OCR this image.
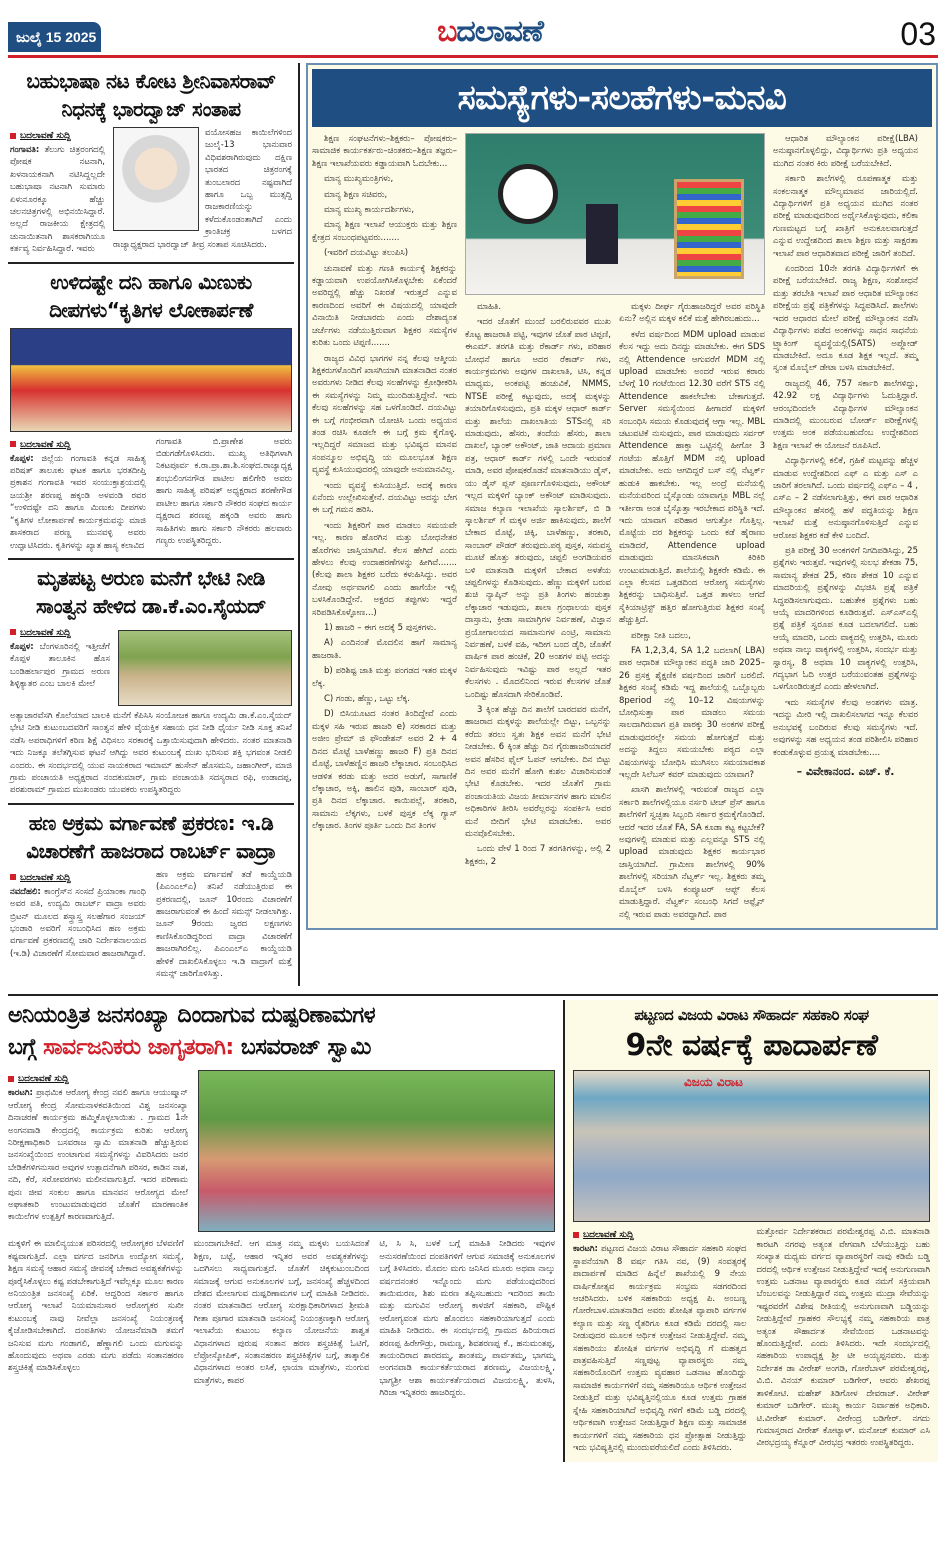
ಜುಲೈ 15 2025	ಬದಲಾವಣೆ	03
ಬಹುಭಾಷಾ ನಟ ಕೋಟ ಶ್ರೀನಿವಾಸರಾವ್
ನಿಧನಕ್ಕೆ ಭಾರದ್ವಾಜ್ ಸಂತಾಪ
ಬದಲಾವಣೆ ಸುದ್ದಿ
ಗಂಗಾವತಿ: ತೆಲುಗು ಚಿತ್ರರಂಗದಲ್ಲಿ ಪೋಷಕ ನಟನಾಗಿ, ಖಳನಾಯಕನಾಗಿ ನಟಿಸಿದ್ದಲ್ಲದೇ ಬಹುಭಾಷಾ ನಟನಾಗಿ ಸುಮಾರು ಏಳುನೂರಕ್ಕೂ ಹೆಚ್ಚು ಚಲನಚಿತ್ರಗಳಲ್ಲಿ ಅಭಿನಯಿಸಿದ್ದಾರೆ. ಅಲ್ಲದೆ ರಾಜಕೀಯ ಕ್ಷೇತ್ರದಲ್ಲಿ ಚುನಾಯಿತನಾಗಿ ಶಾಸಕರಾಗಿಯೂ ಕರ್ತವ್ಯ ನಿರ್ವಹಿಸಿದ್ದಾರೆ. ಇವರು
ವಯೋಸಹಜ ಕಾಯಿಲೆಗಳಿಂದ ಜುಲೈ-13 ಭಾನುವಾರ ವಿಧಿವಶರಾಗಿರುವುದು ದಕ್ಷಿಣ ಭಾರತದ ಚಿತ್ರರಂಗಕ್ಕೆ ತುಂಬಲಾರದ ನಷ್ಟವಾಗಿದೆ ಹಾಗೂ ಒಬ್ಬ ಮುತ್ಸದ್ದಿ ರಾಜಕಾರಣಿಯನ್ನು ಕಳೆದುಕೊಂಡಂತಾಗಿದೆ ಎಂದು ಕ್ರಾಂತಿಚಕ್ರ ಬಳಗದ ರಾಜ್ಯಾಧ್ಯಕ್ಷರಾದ ಭಾರದ್ವಾಜ್ ತೀವ್ರ ಸಂತಾಪ ಸೂಚಿಸಿದರು.
ಉಳಿದಷ್ಟೇ ದನಿ ಹಾಗೂ ಮಿಣುಕು
ದೀಪಗಳು“ಕೃತಿಗಳ ಲೋಕಾರ್ಪಣೆ
ಬದಲಾವಣೆ ಸುದ್ದಿ
ಕೊಪ್ಪಳ: ಜಿಲ್ಲೆಯ ಗಂಗಾವತಿ ಕನ್ನಡ ಸಾಹಿತ್ಯ ಪರಿಷತ್ ತಾಲೂಕು ಘಟಕ ಹಾಗೂ ಭರತದೀಪ್ತಿ ಪ್ರಕಾಶನ ಗಂಗಾವತಿ ಇವರ ಸಂಯುಕ್ತಾಶ್ರಯದಲ್ಲಿ ಜಯಶ್ರೀ ಶರಣಪ್ಪ ಹಕ್ಕಂಡಿ ಅಳವಂಡಿ ರವರ “ಉಳಿದಷ್ಟೇ ದನಿ ಹಾಗೂ ಮಿಣುಕು ದೀಪಗಳು “ಕೃತಿಗಳ ಲೋಕಾರ್ಪಣೆ ಕಾರ್ಯಕ್ರಮವನ್ನು ಮಾಜಿ ಶಾಸಕರಾದ ಪರಣ್ಣ ಮುನವಳ್ಳಿ ಅವರು ಉದ್ಘಾಟಿಸಿದರು. ಕೃತಿಗಳನ್ನು ಖ್ಯಾತ ಹಾಸ್ಯ ಕಲಾವಿದ
ಗಂಗಾವತಿ ಬಿ.ಪ್ರಾಣೇಶ ಅವರು ಬಿಡುಗಡೆಗೊಳಿಸಿದರು. ಮುಖ್ಯ ಅತಿಥಿಗಳಾಗಿ ನಿಕಟಪೂರ್ವ ಕ.ರಾ.ಪ್ರಾ.ಶಾ.ಶಿ.ಸಂಘದ.ರಾಜ್ಯಾಧ್ಯಕ್ಷ ಶಂಭುಲಿಂಗನಗೌಡ ಪಾಟೀಲ ಹಲಿಗೇರಿ ಅವರು ಹಾಗು ಸಾಹಿತ್ಯ ಪರಿಷತ್ ಅಧ್ಯಕ್ಷರಾದ ಶರಣೇಗೌಡ ಪಾಟೀಲ ಹಾಗೂ ಸರ್ಕಾರಿ ನೌಕರರ ಸಂಘದ ಕಾರ್ಯ ದ್ಯಕ್ಷರಾದ ಶರಣಪ್ಪ ಹಕ್ಕಂಡಿ ಅವರು ಹಾಗು ಸಾಹಿತಿಗಳು ಹಾಗು ಸರ್ಕಾರಿ ನೌಕರರು ಹಲವಾರು ಗಣ್ಯರು ಉಪಸ್ಥಿತರಿದ್ದರು.
ಮೃತಪಟ್ಟ ಅರುಣ ಮನೆಗೆ ಭೇಟಿ ನೀಡಿ
ಸಾಂತ್ವನ ಹೇಳಿದ ಡಾ.ಕೆ.ಎಂ.ಸೈಯದ್
ಬದಲಾವಣೆ ಸುದ್ದಿ
ಕೊಪ್ಪಳ: ಬೆಂಗಳೂರಿನಲ್ಲಿ ಇತ್ತೀಚೆಗೆ ಕೊಪ್ಪಳ ತಾಲೂಕಿನ ಹೊಸ ಬಂಡಿಹರ್ಲಾಪುರ ಗ್ರಾಮದ ಅರುಣ ಶಿಳ್ಳಿಕ್ಯಾತರ ಎಂಬ ಬಾಲಕಿ ಮೇಲೆ
ಅತ್ಯಾಚಾರವೆಸಗಿ ಕೊಲೆಯಾದ ಬಾಲಕಿ ಮನೆಗೆ ಕೆಪಿಸಿಸಿ ಸಂಯೋಜಕ ಹಾಗೂ ಉದ್ಯಮಿ ಡಾ.ಕೆ.ಎಂ.ಸೈಯದ್ ಭೇಟಿ ನೀಡಿ ಕುಟುಂಬದವರಿಗೆ ಸಾಂತ್ವನ ಹೇಳಿ ವೈಯಕ್ತಿಕ ಸಹಾಯ ಧನ ನೀಡಿ ಧೈರ್ಯ ನೀಡಿ ಸೂಕ್ತ ತನಿಖೆ ನಡೆಸಿ ಅಪರಾಧಿಗಳಿಗೆ ಕಠಿಣ ಶಿಕ್ಷೆ ವಿಧಿಸಲು ಸರಕಾರಕ್ಕೆ ಒತ್ತಾಯಿಸುವುದಾಗಿ ಹೇಳಿದರು. ನಂತರ ಮಾತನಾಡಿ ಇದು ನಿಜಕ್ಕೂ ತಲೆತಗ್ಗಿಸುವ ಘಟನೆ ಆಗಿದ್ದು ಅವರ ಕುಟುಂಬಕ್ಕೆ ದುಃಖ ಭರಿಸುವ ಶಕ್ತಿ ಭಗವಂತ ನೀಡಲಿ ಎಂದರು. ಈ ಸಂದರ್ಭದಲ್ಲಿ ಯುವ ನಾಯಕರಾದ ಇಮಾಮ್ ಹುಸೇನ್ ಹೊಸಮನಿ, ಜಹಾಂಗೀರ್, ಮಾಜಿ ಗ್ರಾಮ ಪಂಚಾಯತಿ ಅಧ್ಯಕ್ಷರಾದ ನಂದಕುಮಾರ್, ಗ್ರಾಮ ಪಂಚಾಯತಿ ಸದಸ್ಯರಾದ ರಫಿ, ಉಡಾದಪ್ಪ, ಪರಶುರಾಮ್ ಗ್ರಾಮದ ಮುಖಂಡರು ಯುವಕರು ಉಪಸ್ಥಿತರಿದ್ದರು
ಹಣ ಅಕ್ರಮ ವರ್ಗಾವಣೆ ಪ್ರಕರಣ: ಇ.ಡಿ
ವಿಚಾರಣೆಗೆ ಹಾಜರಾದ ರಾಬರ್ಟ್ ವಾದ್ರಾ
ಬದಲಾವಣೆ ಸುದ್ದಿ
ನವದೆಹಲಿ: ಕಾಂಗ್ರೆಸ್‌ನ ಸಂಸದೆ ಪ್ರಿಯಾಂಕಾ ಗಾಂಧಿ ಅವರ ಪತಿ, ಉದ್ಯಮಿ ರಾಬರ್ಟ್ ವಾದ್ರಾ ಅವರು ಬ್ರಿಟನ್ ಮೂಲದ ಶಸ್ತ್ರಾಸ್ತ್ರ ಸಲಹೆಗಾರ ಸಂಜಯ್ ಭಂಡಾರಿ ಅವರಿಗೆ ಸಂಬಂಧಿಸಿದ ಹಣ ಅಕ್ರಮ ವರ್ಗಾವಣೆ ಪ್ರಕರಣದಲ್ಲಿ ಜಾರಿ ನಿರ್ದೇಶನಾಲಯದ (ಇ.ಡಿ) ವಿಚಾರಣೆಗೆ ಸೋಮವಾರ ಹಾಜರಾಗಿದ್ದಾರೆ.
ಹಣ ಅಕ್ರಮ ವರ್ಗಾವಣೆ ತಡೆ ಕಾಯ್ದೆಯಡಿ (ಪಿಎಂಎಲ್‌ಎ) ತನಿಖೆ ನಡೆಯುತ್ತಿರುವ ಈ ಪ್ರಕರಣದಲ್ಲಿ, ಜೂನ್ 10ರಂದು ವಿಚಾರಣೆಗೆ ಹಾಜರಾಗುವಂತೆ ಈ ಹಿಂದೆ ಸಮನ್ಸ್ ನೀಡಲಾಗಿತ್ತು. ಜೂನ್ 9ರಂದು ಜ್ವರದ ಲಕ್ಷಣಗಳು ಕಾಣಿಸಿಕೊಂಡಿದ್ದರಿಂದ ವಾದ್ರಾ ವಿಚಾರಣೆಗೆ ಹಾಜರಾಗಿರಲಿಲ್ಲ. ಪಿಎಂಎಲ್‌ಎ ಕಾಯ್ದೆಯಡಿ ಹೇಳಿಕೆ ದಾಖಲಿಸಿಕೊಳ್ಳಲು ಇ.ಡಿ ವಾದ್ರಾಗೆ ಮತ್ತೆ ಸಮನ್ಸ್ ಜಾರಿಗೊಳಿಸಿತ್ತು.
ಸಮಸ್ಯೆಗಳು-ಸಲಹೆಗಳು-ಮನವಿ

ಶಿಕ್ಷಣ ಸಂಘಟನೆಗಳು–ಶಿಕ್ಷಕರು– ಪೋಷಕರು–ಸಾಮಾಜಿಕ ಕಾರ್ಯಕರ್ತರು–ಚಿಂತಕರು–ಶಿಕ್ಷಣ ತಜ್ಞರು–ಶಿಕ್ಷಣ ಇಲಾಖೆಯವರು ಕಡ್ಡಾಯವಾಗಿ ಓದಬೇಕು...

ಮಾನ್ಯ ಮುಖ್ಯಮಂತ್ರಿಗಳು,

ಮಾನ್ಯ ಶಿಕ್ಷಣ ಸಚಿವರು,

ಮಾನ್ಯ ಮುಖ್ಯ ಕಾರ್ಯದರ್ಶಿಗಳು,

ಮಾನ್ಯ ಶಿಕ್ಷಣ ಇಲಾಖೆ ಆಯುಕ್ತರು ಮತ್ತು ಶಿಕ್ಷಣ ಕ್ಷೇತ್ರದ ಸಂಬಂಧಪಟ್ಟವರು.......

(ಇವರಿಗೆ ದಯವಿಟ್ಟು ತಲುಪಿಸಿ)

ಚುನಾವಣೆ ಮತ್ತು ಗಣತಿ ಕಾರ್ಯಕ್ಕೆ ಶಿಕ್ಷಕರನ್ನು ಕಡ್ಡಾಯವಾಗಿ ಉಪಯೋಗಿಸಿಕೊಳ್ಳಬೇಕು ಏಕೆಂದರೆ ಅವರಿದ್ದಲ್ಲಿ ಹೆಚ್ಚು ನಿಖರತೆ ಇರುತ್ತದೆ ಎನ್ನುವ ಕಾರಣದಿಂದ ಅವರಿಗೆ ಈ ವಿಷಯದಲ್ಲಿ ಯಾವುದೇ ವಿನಾಯಿತಿ ನೀಡಬಾರದು ಎಂದು ದೇಶಾದ್ಯಂತ ಚರ್ಚೆಗಳು ನಡೆಯುತ್ತಿರುವಾಗ ಶಿಕ್ಷಕರ ಸಮಸ್ಯೆಗಳ ಕುರಿತು ಒಂದು ಟಿಪ್ಪಣಿ.......

ರಾಜ್ಯದ ವಿವಿಧ ಭಾಗಗಳ ನನ್ನ ಕೆಲವು ಆತ್ಮೀಯ ಶಿಕ್ಷಕರುಗಳೊಂದಿಗೆ ಖಾಸಗಿಯಾಗಿ ಮಾತನಾಡಿದ ನಂತರ ಅವರುಗಳು ನೀಡಿದ ಕೆಲವು ಸಲಹೆಗಳನ್ನು ಕ್ರೋಢೀಕರಿಸಿ ಈ ಸಮಸ್ಯೆಗಳನ್ನು ನಿಮ್ಮ ಮುಂದಿಡುತ್ತಿದ್ದೇನೆ. ಇದು ಕೆಲವು ಸಲಹೆಗಳನ್ನು ಸಹ ಒಳಗೊಂಡಿದೆ. ದಯವಿಟ್ಟು ಈ ಬಗ್ಗೆ ಗಂಭೀರವಾಗಿ ಯೋಚಿಸಿ ಒಂದು ಅಧ್ಯಯನ ತಂಡ ರಚಿಸಿ ಕೂಡಲೇ ಈ ಬಗ್ಗೆ ಕ್ರಮ ಕೈಗೊಳ್ಳಿ. ಇಲ್ಲದಿದ್ದರೆ ಸಮಾಜದ ಮತ್ತು ಭವಿಷ್ಯದ ಮಾನವ ಸಂಪನ್ಮೂಲ ಅಭಿವೃದ್ಧಿ ಯ ಮೂಲಭೂತ ಶಿಕ್ಷಣ ವ್ಯವಸ್ಥೆ ಕುಸಿಯುವುದರಲ್ಲಿ ಯಾವುದೇ ಅನುಮಾನವಿಲ್ಲ.

ಇಂದು ವ್ಯವಸ್ಥೆ ಕುಸಿಯುತ್ತಿದೆ. ಅದಕ್ಕೆ ಕಾರಣ ಏನೆಂದು ಉಲ್ಲೇಖಿಸುತ್ತೇನೆ. ದಯವಿಟ್ಟು ಅದನ್ನು ಬೇಗ ಈ ಬಗ್ಗೆ ಗಮನ ಹರಿಸಿ.

ಇಂದು ಶಿಕ್ಷಕರಿಗೆ ಪಾಠ ಮಾಡಲು ಸಮಯವೇ ಇಲ್ಲ. ಕಾರಣ ಹೊರಗಿನ ಮತ್ತು ಬೋಧನೇತರ ಹೊರೆಗಳು ಜಾಸ್ತಿಯಾಗಿವೆ. ಕೆಲಸ ಹೇಗಿದೆ ಎಂದು ಹೇಳಲು ಕೆಲವು ಉದಾಹರಣೆಗಳನ್ನು ಹೀಗಿವೆ....... (ಕೆಲವು ಶಾಲಾ ಶಿಕ್ಷಕರ ಬರೆದು ಕಳುಹಿಸಿದ್ದು. ಅವರ ನೋವು ಅರ್ಥವಾಗಲಿ ಎಂದು ಹಾಗೆಯೇ ಇಲ್ಲಿ ಬಳಸಿಕೊಂಡಿದ್ದೇನೆ. ಅಕ್ಷರದ ತಪ್ಪುಗಳು ಇದ್ದರೆ ಸರಿಪಡಿಸಿಕೊಳ್ಳೋಣ...)

1) ಹಾಜರಿ – ಈಗ ಅದಕ್ಕೆ 5 ಪುಸ್ತಕಗಳು.

A) ಎಂದಿನಂತೆ ಮೊದಲಿನ ಹಾಗೆ ಸಾಮಾನ್ಯ ಹಾಜರಾತಿ.

b) ಪರಿಶಿಷ್ಟ ಜಾತಿ ಮತ್ತು ಪಂಗಡದ ಇತರ ಮಕ್ಕಳ ಲೆಕ್ಕ.

C) ಗಂಡು, ಹೆಣ್ಣು, ಒಟ್ಟು ಲೆಕ್ಕ.

D) ಬಿಸಿಯೂಟದ ನಂತರ ತಿಂದಿದ್ದೇವೆ ಎಂದು ಮಕ್ಕಳ ಸಹಿ ಇರುವ ಹಾಜರಿ e) ಸರಕಾರದ ಮತ್ತು ಅಜೀಂ ಪ್ರೇಮ್ ಜಿ ಫೌಂಡೇಶನ್ ಅವರ 2 + 4 ದಿನದ ಮೊಟ್ಟೆ ಬಾಳೆಹಣ್ಣು ಹಾಜರಿ F) ಪ್ರತಿ ದಿನದ ಮೊಟ್ಟೆ, ಬಾಳೆಹಣ್ಣಿನ ಹಾಜರಿ ಲೆಕ್ಕಾಚಾರ. ಸಂಬಂಧಿಸಿದ ಆಡಳಿತ ಕರಡು ಮತ್ತು ಅದರ ಅಡುಗೆ, ಸಾಗಾಣಿಕೆ ಲೆಕ್ಕಾಚಾರ, ಅಕ್ಕಿ, ಹಾಲಿನ ಪುಡಿ, ಸಾಂಬಾರ್ ಪುಡಿ, ಪ್ರತಿ ದಿನದ ಲೆಕ್ಕಾಚಾರ. ಕಾಯಿಪಲ್ಲೆ, ತರಕಾರಿ, ಸಾಮಾನು ಲೆಕ್ಕಗಳು, ಬಳಕೆ ಪುಸ್ತಕ ಲೆಕ್ಕ ಗ್ಯಾಸ್ ಲೆಕ್ಕಾಚಾರ. ತಿಂಗಳ ಪೂರ್ತಿ ಒಂದು ದಿನ ತಿಂಗಳ

ಮಾಹಿತಿ.

ಇದರ ಜೊತೆಗೆ ಮುಂದೆ ಬರಲಿರುವವರ ಮುಖ ಕೊಟ್ಟ ಹಾಜರಾತಿ ಪಟ್ಟಿ, ಇವುಗಳ ಜೊತೆ ಪಾಠ ಟಿಪ್ಪಣಿ, ಈಎಮ್. ತರಗತಿ ಮತ್ತು ರೆಕಾರ್ಡ್ ಗಳು, ಪರಿಹಾರ ಬೋಧನೆ ಹಾಗೂ ಅದರ ರೆಕಾರ್ಡ್ ಗಳು, ಕಾರ್ಯಕ್ರಮಗಳು ಅವುಗಳ ದಾಖಲಾತಿ, ಟಿಸಿ, ಕನ್ನಡ ಮಾಧ್ಯಮ, ಅಂಕಪಟ್ಟಿ ಹಂಚುವಿಕೆ, NMMS, NTSE ಪರೀಕ್ಷೆ ಕಟ್ಟುವುದು, ಅದಕ್ಕೆ ಮಕ್ಕಳನ್ನು ತಯಾರಿಗೊಳಿಸುವುದು, ಪ್ರತಿ ಮಕ್ಕಳ ಆಧಾರ್ ಕಾರ್ಡ್ ಮತ್ತು ಶಾಲೆಯ ದಾಖಲಾತಿಯ STSನಲ್ಲಿ ಸರಿ ಮಾಡುವುದು, ಹೆಸರು, ತಂದೆಯ ಹೆಸರು, ಶಾಲಾ ದಾಖಲೆ, ಬ್ಯಾಂಕ್ ಅಕೌಂಟ್, ಜಾತಿ ಆದಾಯ ಪ್ರಮಾಣ ಪತ್ರ, ಆಧಾರ್ ಕಾರ್ಡ್ ಗಳಲ್ಲಿ ಒಂದೇ ಇರುವಂತೆ ಮಾಡಿ, ಅವರ ಪೋಷಕರೊಡನೆ ಮಾತನಾಡಿಯು ಡೈಸ್, ಯು ಡೈಸ್ ಪ್ಲಸ್ ಪೂರ್ಣಗೊಳಿಸುವುದು, ಅಕೌಂಟ್ ಇಲ್ಲದ ಮಕ್ಕಳಿಗೆ ಬ್ಯಾಂಕ್ ಅಕೌಂಟ್ ಮಾಡಿಸುವುದು. ಸಮಾಜ ಕಲ್ಯಾಣ ಇಲಾಖೆಯ ಸ್ಕಾಲರ್ಶಿಪ್, ಬಿ ಡಿ ಸ್ಕಾಲರ್ಶಿಪ್ ಗೆ ಮಕ್ಕಳ ಅರ್ಜಿ ಹಾಕಿಸುವುದು, ಶಾಲೆಗೆ ಬೇಕಾದ ಮೊಟ್ಟೆ, ಚಿಕ್ಕಿ, ಬಾಳೆಹಣ್ಣು, ತರಕಾರಿ, ಸಾಂಬಾರ್ ಪೌಡರ್ ತರುವುದು.ಪಠ್ಯ ಪುಸ್ತಕ, ಸಮವಸ್ತ್ರ ಮೂಟೆ ಹೊತ್ತು ತರುವುದು, ಚಪ್ಪಲಿ ಅಂಗಡಿಯವರ ಬಳಿ ಮಾತನಾಡಿ ಮಕ್ಕಳಿಗೆ ಬೇಕಾದ ಅಳತೆಯ ಚಪ್ಪಲಿಗಳನ್ನು ಕೊಡಿಸುವುದು. ಹೆಣ್ಣು ಮಕ್ಕಳಿಗೆ ಬರುವ ಶುಚಿ ನ್ಯಾಪ್ಕಿನ್ ಅನ್ನು ಪ್ರತಿ ತಿಂಗಳು ಹಂಚುತ್ತಾ ಲೆಕ್ಕಾಚಾರ ಇಡುವುದು, ಶಾಲಾ ಗ್ರಂಥಾಲಯ ಪುಸ್ತಕ ದಾಸ್ತಾನು, ಕ್ರೀಡಾ ಸಾಮಾಗ್ರಿಗಳ ನಿರ್ವಹಣೆ, ವಿಜ್ಞಾನ ಪ್ರಯೋಗಾಲಯದ ಸಾಮಾನುಗಳ ಎಂಟ್ರಿ, ಸಾಮಾನು ನಿರ್ವಹಣೆ, ಬಳಕೆ ವಹಿ, ಇದೀಗ ಬಂದ ಡೈರಿ, ಜೊತೆಗೆ ವಾರ್ಷಿಕ ಪಾಠ ಹಂಚಿಕೆ, 20 ಅಂಶಗಳ ಪಟ್ಟಿ ಅದನ್ನು ನಿರ್ವಹಿಸುವುದು ಇವಿಷ್ಟು ಪಾಠ ಅಲ್ಲದೆ ಇತರ ಕೆಲಸಗಳು . ಮೊದಲಿನಿಂದ ಇರುವ ಕೆಲಸಗಳ ಜೊತೆ ಒಂದಿಷ್ಟು ಹೊಸದಾಗಿ ಸೇರಿಕೊಂಡಿವೆ.

3 ಕ್ಕಿಂತ ಹೆಚ್ಚು ದಿನ ಶಾಲೆಗೆ ಬಾರದವರ ಮನೆಗೆ, ಹಾಜರಾದ ಮಕ್ಕಳನ್ನು ಶಾಲೆಯಲ್ಲೇ ಬಿಟ್ಟು, ಒಬ್ಬನನ್ನು ಕರೆದು ತರಲು ಸ್ವತಃ ಶಿಕ್ಷಕ ಅವನ ಮನೆಗೆ ಭೇಟಿ ನೀಡಬೇಕು. 6 ಕ್ಕಿಂತ ಹೆಚ್ಚು ದಿನ ಗೈರುಹಾಜರಿಯಾದರೆ ಅವನ ಹೆಸರಿನ ಫೈಲ್ ಓಪನ್ ಆಗಬೇಕು. ದಿನ ಬಿಟ್ಟು ದಿನ ಅವರ ಮನೆಗೆ ಹೋಗಿ ಕುಶಲ ವಿಚಾರಿಸುವಂತೆ ಭೇಟಿ ಕೊಡಬೇಕು. ಇದರ ಜೊತೆಗೆ ಗ್ರಾಮ ಪಂಚಾಯತಿಯ ವಿಜಯ ತೀರ್ಮಾನಗಳ ಹಾಗು ಮಾಲಿನ ಅಧಿಕಾರಿಗಳ ತೀರಿಸಿ ಅವರೆಲ್ಲರನ್ನು ಸಂಪರ್ಕಿಸಿ ಅವರ ಮನೆ ಬೀದಿಗೆ ಭೇಟಿ ಮಾಡಬೇಕು. ಅವರ ಮನವೊಲಿಸಬೇಕು.

ಒಂದು ವೇಳೆ 1 ರಿಂದ 7 ತರಗತಿಗಳನ್ನು, ಅಲ್ಲಿ 2 ಶಿಕ್ಷಕರು, 2

ಮಕ್ಕಳು ದೀರ್ಘ ಗೈರುಹಾಜರಿದ್ದರೆ ಅವರ ಪರಿಸ್ಥಿತಿ ಏನು? ಅಲ್ಲಿನ ಮಕ್ಕಳ ಕಲಿಕೆ ಮತ್ತೆ ಹೇಗಿರಬಹುದು...

ಕಳೆದ ವರ್ಷದಿಂದ MDM upload ಮಾಡುವ ಕೆಲಸ ಇದ್ದು ಅದು ದಿನದ್ದು ಮಾಡಬೇಕು. ಈಗ SDS ನಲ್ಲಿ Attendence ಆಗುವರೆಗೆ MDM ನಲ್ಲಿ upload ಮಾಡಬೇಕು ಅಂದರೆ ಇರುವ ಕರಾರು ಬೆಳಗ್ಗೆ 10 ಗಂಟೆಯಿಂದ 12.30 ವರೆಗೆ STS ನಲ್ಲಿ Attendence ಹಾಕಲೇಬೇಕು ಬೇಕಾಗುತ್ತದೆ. Server ಸಮಸ್ಯೆಯಿಂದ ಹೀಗಾದರೆ ಮಕ್ಕಳಿಗೆ ಸಂಬಂಧಿಸಿ ಸಮಯ ಕೊಡುವುದಕ್ಕೆ ಆಗ್ಲಾ ಇಲ್ಲ. MBL ಚಟುವಟಿಕೆ ನುಸುವುದು, ಪಾಠ ಮಾಡುವುದು ಸರ್ವರ್ Attendence ಹಾಕ್ತಾ ಒಟ್ಟಿನಲ್ಲಿ ಹೀಗೋ 3 ಗಂಟೆಯ ಹೊತ್ತಿಗೆ MDM ನಲ್ಲಿ upload ಮಾಡಬೇಕು. ಅದು ಆಗದಿದ್ದರೆ ಬಸ್ ನಲ್ಲಿ ನೆಟ್ವರ್ಕ್ ಹುಡುಕಿ ಹಾಕಬೇಕು. ಇಲ್ಲ ಅಂದ್ರೆ ಮನೆಯಲ್ಲಿ ಮನೆಯವರಿಂದ ಬೈಸ್ಕೊಂಡು ಯಾವಾಗ್ಲೂ MBL ನಲ್ಲೆ ಇರ್ತೀರಾ ಅಂತ ಬೈಸ್ಕೊತ್ತಾ ಇರಬೇಕಾದ ಪರಿಸ್ಥಿತಿ ಇದೆ. ಇದು ಯಾವಾಗ ಪರಿಹಾರ ಆಗುತ್ತೋ ಗೊತ್ತಿಲ್ಲ. ಮೊಟ್ಟೆಯ ದರ ಶಿಕ್ಷಕರನ್ನು ಒಂದು ಕಡೆ ಹೈರಾಣು ಮಾಡಿದರೆ, Attendence upload ಮಾಡುವುದು ಮಾನಸಿಕವಾಗಿ ಕಿರಿಕಿರಿ ಉಂಟುಮಾಡುತ್ತಿದೆ. ಶಾಲೆಯಲ್ಲಿ ಶಿಕ್ಷಕರೇ ಕಡಿಮೆ. ಈ ಎಲ್ಲಾ ಕೆಲಸದ ಒತ್ತಡದಿಂದ ಆರೋಗ್ಯ ಸಮಸ್ಯೆಗಳು ಶಿಕ್ಷಕರನ್ನು ಬಾಧಿಸುತ್ತಿವೆ. ಒತ್ತಡ ತಾಳಲು ಆಗದೆ ಸೈಕಿಯಾಟ್ರಿಸ್ಟ್ ಹತ್ತಿರ ಹೋಗುತ್ತಿರುವ ಶಿಕ್ಷಕರ ಸಂಖ್ಯೆ ಹೆಚ್ಚುತ್ತಿದೆ.

ಪರೀಕ್ಷಾ ನೀತಿ ಬದಲು,

FA 1,2,3,4, SA 1,2 ಬದಲಾಗಿ( LBA) ಪಾಠ ಆಧಾರಿತ ಮೌಲ್ಯಾಂಕನ ಪದ್ಧತಿ ಜಾರಿ 2025–26 ಪ್ರಸಕ್ತ ಶೈಕ್ಷಣಿಕ ವರ್ಷದಿಂದ ಜಾರಿಗೆ ಬರಲಿದೆ. ಶಿಕ್ಷಕರ ಸಂಖ್ಯೆ ಕಡಿಮೆ ಇದ್ದ ಶಾಲೆಯಲ್ಲಿ ಒಬ್ಬೊಬ್ಬರು 8period ನಲ್ಲಿ 10–12 ವಿಷಯಗಳನ್ನು ಬೋಧಿಸುತ್ತಾ ಪಾಠ ಮಾಡಲು ಸಮಯ ಸಾಲದಾಗಿರುವಾಗ ಪ್ರತಿ ಪಾಠಕ್ಕು 30 ಅಂಕಗಳ ಪರೀಕ್ಷೆ ಮಾಡುವುದರಲ್ಲೇ ಸಮಯ ಹೋಗುತ್ತದೆ ಮತ್ತು ಅದನ್ನು ತಿದ್ದಲು ಸಮಯಬೇಕು ಪಠ್ಯದ ಎಲ್ಲಾ ವಿಷಯಗಳನ್ನು ಬೋಧಿಸಿ ಮುಗಿಸಲು ಸಮಯಾವಕಾಶ ಇಲ್ಲದೇ ಸಿಲೆಬಸ್ ಕವರ್ ಮಾಡುವುದು ಯಾವಾಗ?

ಖಾಸಗಿ ಶಾಲೆಗಳಲ್ಲಿ ಇರುವಂತೆ ರಾಜ್ಯದ ಎಲ್ಲಾ ಸರ್ಕಾರಿ ಶಾಲೆಗಳಲ್ಲಿಯೂ ನರ್ಸರಿ ಟೀಚ್ ಪ್ರೆಸ್ ಹಾಗೂ ಶಾಲೆಗಳಿಗೆ ಸ್ವಚ್ಛತಾ ಸಿಬ್ಬಂದಿ ಸರ್ಕಾರ ಕ್ರಮಕೈಗೊಂಡಿದೆ. ಆದರೆ ಇದರ ಜೊತೆ FA, SA ಕೂಡಾ ಕಟ್ಟ ಕಟ್ಟಬೇಕೆ? ಅವುಗಳಲ್ಲಿ ಮಾಡುವ ಮತ್ತು ಎಲ್ಲವನ್ನೂ STS ನಲ್ಲಿ upload ಮಾಡುವುದು ಶಿಕ್ಷಕರ ಕಾರ್ಯಭಾರ ಜಾಸ್ತಿಯಾಗಿದೆ. ಗ್ರಾಮೀಣ ಶಾಲೆಗಳಲ್ಲಿ 90% ಶಾಲೆಗಳಲ್ಲಿ ಸರಿಯಾಗಿ ನೆಟ್ವರ್ಕ್ ಇಲ್ಲ. ಶಿಕ್ಷಕರು ತಮ್ಮ ಮೊಬೈಲ್ ಬಳಸಿ ಕಂಪ್ಯೂಟರ್ ಆಪ್ಟ್ ಕೆಲಸ ಮಾಡುತ್ತಿದ್ದಾರೆ. ನೆಟ್ವರ್ಕ್ ಸಂಬಂಧಿ ಸಿಗದೆ ಆಫ್ಲೈನ್ ನಲ್ಲಿ ಇರುವ ಪಾಡು ಅವರದ್ದಾಗಿದೆ. ಪಾಠ

ಆಧಾರಿತ ಮೌಲ್ಯಾಂಕನ ಪರೀಕ್ಷೆ(LBA) ಅನುಷ್ಠಾನಗೊಳ್ಳಲಿದ್ದು, ವಿದ್ಯಾರ್ಥಿಗಳು ಪ್ರತಿ ಅಧ್ಯಯನ ಮುಗಿದ ನಂತರ ಕಿರು ಪರೀಕ್ಷೆ ಬರೆಯಬೇಕಿದೆ.

ಸರ್ಕಾರಿ ಶಾಲೆಗಳಲ್ಲಿ ರೂಪಣಾತ್ಮಕ ಮತ್ತು ಸಂಕಲನಾತ್ಮಕ ಮೌಲ್ಯಮಾಪನ ಜಾರಿಯಲ್ಲಿದೆ. ವಿದ್ಯಾರ್ಥಿಗಳಿಗೆ ಪ್ರತಿ ಅಧ್ಯಯನ ಮುಗಿದ ನಂತರ ಪರೀಕ್ಷೆ ಮಾಡುವುದರಿಂದ ಅರ್ಥೈಸಿಕೊಳ್ಳುವುದು, ಕಲಿಕಾ ಗುಣಮಟ್ಟದ ಬಗ್ಗೆ ಖಾತ್ರಿಗೆ ಅನುಕೂಲವಾಗುತ್ತದೆ ಎನ್ನುವ ಉದ್ದೇಶದಿಂದ ಶಾಲಾ ಶಿಕ್ಷಣ ಮತ್ತು ಸಾಕ್ಷರತಾ ಇಲಾಖೆ ಪಾಠ ಆಧಾರಿತವಾದ ಪರೀಕ್ಷೆ ಜಾರಿಗೆ ತಂದಿದೆ.

ಏಂದರಿಂದ 10ನೇ ತರಗತಿ ವಿದ್ಯಾರ್ಥಿಗಳಿಗೆ ಈ ಪರೀಕ್ಷೆ ಬರೆಯಬೇಕಿದೆ. ರಾಜ್ಯ ಶಿಕ್ಷಣ, ಸಂಶೋಧನೆ ಮತ್ತು ತರಬೇತಿ ಇಲಾಖೆ ಪಾಠ ಆಧಾರಿತ ಮೌಲ್ಯಾಂಕನ ಪರೀಕ್ಷೆಯ ಪ್ರಶ್ನೆ ಪತ್ರಿಕೆಗಳನ್ನು ಸಿದ್ಧಪಡಿಸಿದೆ. ಶಾಲೆಗಳು ಇದರ ಆಧಾರದ ಮೇಲೆ ಪರೀಕ್ಷೆ ಮೌಲ್ಯಾಂಕನ ನಡೆಸಿ ವಿದ್ಯಾರ್ಥಿಗಳು ಪಡೆದ ಅಂಕಗಳನ್ನು ಸಾಧನ ಸಾಧನೆಯ ಟ್ರ್ಯಾಕಿಂಗ್ ವ್ಯವಸ್ಥೆಯಲ್ಲಿ(SATS) ಅಪ್ಲೋಡ್ ಮಾಡಬೇಕಿದೆ. ಅದೂ ಕೂಡ ಶಿಕ್ಷಕ ಇಲ್ಲದೆ. ತಮ್ಮ ಸ್ವಂತ ಮೊಬೈಲ್ ಡೇಟಾ ಬಳಸಿ ಮಾಡಬೇಕಿದೆ.

ರಾಜ್ಯದಲ್ಲಿ 46, 757 ಸರ್ಕಾರಿ ಶಾಲೆಗಳಿದ್ದು, 42.92 ಲಕ್ಷ ವಿದ್ಯಾರ್ಥಿಗಳು ಓದುತ್ತಿದ್ದಾರೆ. ಆರಂಭದಿಂದಲೇ ವಿದ್ಯಾರ್ಥಿಗಳ ಮೌಲ್ಯಾಂಕನ ಮಾಡಿದಲ್ಲಿ ಮುಂಬರುವ ಬೋರ್ಡ್ ಪರೀಕ್ಷೆಗಳಲ್ಲಿ ಉತ್ತಮ ಅಂಕ ಪಡೆಯಬಹುದೆಂಬ ಉದ್ದೇಶದಿಂದ ಶಿಕ್ಷಣ ಇಲಾಖೆ ಈ ಯೋಜನೆ ರೂಪಿಸಿದೆ.

ವಿದ್ಯಾರ್ಥಿಗಳಲ್ಲಿ ಕಲಿಕೆ, ಗ್ರಹಿಕೆ ಮಟ್ಟವನ್ನು ಹೆಚ್ಚಳ ಮಾಡುವ ಉದ್ದೇಶದಿಂದ ಎಫ್ ಎ ಮತ್ತು ಎಸ್ ಎ ಜಾರಿಗೆ ತರಲಾಗಿದೆ. ಒಂದು ವರ್ಷದಲ್ಲಿ ಎಫ್‌ಎ – 4 , ಎಸ್‌ಎ – 2 ನಡೆಸಲಾಗುತ್ತಿತ್ತು, ಈಗ ಪಾಠ ಆಧಾರಿತ ಮೌಲ್ಯಾಂಕನ ಹೆಸರಲ್ಲಿ ಹಳೆ ಪದ್ಧತಿಯನ್ನು ಶಿಕ್ಷಣ ಇಲಾಖೆ ಮತ್ತೆ ಅನುಷ್ಠಾನಗೊಳಿಸುತ್ತಿದೆ ಎನ್ನುವ ಆರೋಪ ಶಿಕ್ಷಕರ ಕಡೆ ಕೇಳಿ ಬಂದಿದೆ.

ಪ್ರತಿ ಪರೀಕ್ಷೆ 30 ಅಂಕಗಳಿಗೆ ನಿಗದಿಪಡಿಸಿದ್ದು, 25 ಪ್ರಶ್ನೆಗಳು ಇರುತ್ತವೆ. ಇವುಗಳಲ್ಲಿ ಸುಲಭ ಶೇಕಡಾ 75, ಸಾಮಾನ್ಯ ಶೇಕಡ 25, ಕಠಿಣ ಶೇಕಡ 10 ಎನ್ನುವ ಮಾದರಿಯಲ್ಲಿ ಪ್ರಶ್ನೆಗಳನ್ನು ವಿಭಜಿಸಿ ಪ್ರಶ್ನೆ ಪತ್ರಿಕೆ ಸಿದ್ಧಪಡಿಸಲಾಗುವುದು. ಬಹುತೇಕ ಪ್ರಶ್ನೆಗಳು ಬಹು ಆಯ್ಕೆ ಮಾದರಿಗಳಿಂದ ಕೂಡಿರುತ್ತವೆ. ಎಸ್‌ಎಸ್‌ಎಲ್ಲಿ ಪ್ರಶ್ನೆ ಪತ್ರಿಕೆ ಸ್ವರೂಪ ಕೂಡ ಬದಲಾಗಲಿದೆ. ಬಹು ಆಯ್ಕೆ ಮಾದರಿ, ಒಂದು ವಾಕ್ಯದಲ್ಲಿ ಉತ್ತರಿಸಿ, ಮೂರು ಅಥವಾ ನಾಲ್ಕು ವಾಕ್ಯಗಳಲ್ಲಿ ಉತ್ತರಿಸಿ, ಸಂದರ್ಭ ಮತ್ತು ಸ್ವಾರಸ್ಯ, 8 ಅಥವಾ 10 ವಾಕ್ಯಗಳಲ್ಲಿ ಉತ್ತರಿಸಿ, ಗದ್ಯಭಾಗ ಓದಿ ಉತ್ತರ ಬರೆಯುವಂತಹ ಪ್ರಶ್ನೆಗಳನ್ನು ಒಳಗೊಂಡಿರುತ್ತದೆ ಎಂದು ಹೇಳಲಾಗಿದೆ.

ಇದು ಸಮಸ್ಯೆಗಳ ಕೆಲವು ಅಂಶಗಳು ಮಾತ್ರ. ಇದನ್ನು ಮೀರಿ ಇಲ್ಲಿ ದಾಖಲಿಸಲಾಗದ ಇನ್ನೂ ಕೆಲವರ ಅನುಭವಕ್ಕೆ ಬಂದಿರುವ ಕೆಲವು ಸಮಸ್ಯೆಗಳು ಇದೆ. ಅವುಗಳನ್ನು ಸಹ ಅಧ್ಯಯನ ತಂಡ ಪರಿಶೀಲಿಸಿ ಪರಿಹಾರ ಕಂಡುಕೊಳ್ಳುವ ಪ್ರಯತ್ನ ಮಾಡಬೇಕು....

– ವಿವೇಕಾನಂದ. ಎಚ್. ಕೆ.
ಅನಿಯಂತ್ರಿತ ಜನಸಂಖ್ಯಾ ದಿಂದಾಗುವ ದುಷ್ಪರಿಣಾಮಗಳ
ಬಗ್ಗೆ ಸಾರ್ವಜನಿಕರು ಜಾಗೃತರಾಗಿ: ಬಸವರಾಜ್ ಸ್ವಾಮಿ
ಬದಲಾವಣೆ ಸುದ್ದಿ
ಕಾರಟಗಿ: ಪ್ರಾಥಮಿಕ ಆರೋಗ್ಯ ಕೇಂದ್ರ ನವಲಿ ಹಾಗೂ ಆಯುಷ್ಮಾನ್ ಆರೋಗ್ಯ ಕೇಂದ್ರ ಸೋಮನಾಳಕವತಿಯಿಂದ ವಿಶ್ವ ಜನಸಂಖ್ಯಾ ದಿನಾಚರಣೆ ಕಾರ್ಯಕ್ರಮ ಹಮ್ಮಿಕೊಳ್ಳಲಾಯಿತು . ಗ್ರಾಮದ 1ನೇ ಅಂಗನವಾಡಿ ಕೇಂದ್ರದಲ್ಲಿ ಕಾರ್ಯಕ್ರಮ ಕುರಿತು ಆರೋಗ್ಯ ನಿರೀಕ್ಷಣಾಧಿಕಾರಿ ಬಸವರಾಜ ಸ್ವಾಮಿ ಮಾತನಾಡಿ ಹೆಚ್ಚುತ್ತಿರುವ ಜನಸಂಖ್ಯೆಯಿಂದ ಉಂಟಾಗುವ ಸಮಸ್ಯೆಗಳನ್ನು ವಿವರಿಸಿದರು ಜನರ ಬೇಡಿಕೆಗಳಿಗನುಸಾರ ಅವುಗಳ ಉತ್ಪಾದನೆಗಾಗಿ ಪರಿಸರ, ಕಾಡಿನ ನಾಶ, ನದಿ, ಕೆರೆ, ಸರೋವರಗಳು ಮಲೀನವಾಗುತ್ತಿದೆ. ಇದರ ಪರಿಣಾಮ ಪುನಃ ಜೀವ ಸಂಕುಲ ಹಾಗೂ ಮಾನವನ ಆರೋಗ್ಯದ ಮೇಲೆ ಅಘಾತಕಾರಿ ಉಂಟುಮಾಡುವುದರ ಜೊತೆಗೆ ಮಾರಣಾಂತಿಕ ಕಾಯಿಲೆಗಳ ಉತ್ಪತ್ತಿಗೆ ಕಾರಣವಾಗುತ್ತಿದೆ.
ಮಕ್ಕಳಿಗೆ ಈ ಮಾಲಿನ್ಯಯುತ ಪರಿಸರದಲ್ಲಿ ಆರೋಗ್ಯಕರ ಬೆಳವಣಿಗೆ ಕಷ್ಟವಾಗುತ್ತಿದೆ. ಎಲ್ಲಾ ವರ್ಗದ ಜನರಿಗೂ ಉದ್ಯೋಗ ಸಮಸ್ಯೆ, ಶಿಕ್ಷಣ ಸಮಸ್ಯೆ ಆಹಾರ ಸಮಸ್ಯೆ ಜೀವನಕ್ಕೆ ಬೇಕಾದ ಅವಶ್ಯಕತೆಗಳನ್ನು ಪೂರೈಸಿಕೊಳ್ಳಲು ಕಷ್ಟ ಪಡಬೇಕಾಗುತ್ತಿದೆ ಇವೆಲ್ಲಕ್ಕೂ ಮೂಲ ಕಾರಣ ಅನಿಯಂತ್ರಿತ ಜನಸಂಖ್ಯೆ ಏರಿಕೆ. ಆದ್ದರಿಂದ ಸರ್ಕಾರ ಹಾಗೂ ಆರೋಗ್ಯ ಇಲಾಖೆ ನಿಯಮಾನುಸಾರ ಆರೋಗ್ಯಕರ ಸುಖೀ ಕುಟುಂಬಕ್ಕೆ ನಾವು ನೀವೆಲ್ಲಾ ಜನಸಂಖ್ಯೆ ನಿಯಂತ್ರಣಕ್ಕೆ ಕೈಜೋಡಿಸಬೇಕಾಗಿದೆ. ದಂಪತಿಗಳು ಯೋಜನೆಮಾಡಿ ತಮಗೆ ಜನಿಸುವ ಮಗು ಗಂಡಾಗಲಿ, ಹೆಣ್ಣಾಗಲಿ ಒಂದು ಮಗುವನ್ನು ಹೊಂದುವುದು ಅಥವಾ ಎರಡು ಮಗು ಪಡೆದು ಸಂತಾನಹರಣ ಶಸ್ತ್ರಚಿಕಿತ್ಸೆ ಮಾಡಿಸಿಕೊಳ್ಳಲು
ಮುಂದಾಗಬೇಕಿದೆ. ಆಗ ಮಾತ್ರ ನಮ್ಮ ಮಕ್ಕಳು ಬಯಸಿದಂತೆ ಶಿಕ್ಷಣ, ಬಟ್ಟೆ, ಆಹಾರ ಇನ್ನಿತರ ಅವರ ಅವಶ್ಯಕತೆಗಳನ್ನು ಒದಗಿಸಲು ಸಾಧ್ಯವಾಗುತ್ತದೆ. ಜೊತೆಗೆ ಚಿಕ್ಕಕುಟುಂಬದಿಂದ ಸಮಾಜಕ್ಕೆ ಆಗುವ ಅನುಕೂಲಗಳ ಬಗ್ಗೆ, ಜನಸಂಖ್ಯೆ ಹೆಚ್ಚಳದಿಂದ ದೇಶದ ಮೇಲಾಗುವ ದುಷ್ಪರಿಣಾಮಗಳ ಬಗ್ಗೆ ಮಾಹಿತಿ ನೀಡಿದರು. ನಂತರ ಮಾತನಾಡಿದ ಆರೋಗ್ಯ ಸುರಕ್ಷಾಧಿಕಾರಿಗಳಾದ ಶ್ರೀಮತಿ ಗೀತಾ ಪೂಗಾರ ಮಾತನಾಡಿ ಜನಸಂಖ್ಯೆ ನಿಯಂತ್ರಣಕ್ಕಾಗಿ ಆರೋಗ್ಯ ಇಲಾಖೆಯ ಕುಟುಂಬ ಕಲ್ಯಾಣ ಯೋಜನೆಯ ಶಾಶ್ವತ ವಿಧಾನಗಳಾದ ಪುರುಷ ಸಂತಾನ ಹರಣ ಶಸ್ತ್ರಚಿಕಿತ್ಸೆ ಓಟಿಗೆ, ಲೆಪ್ರೋಸ್ಕೋಪಿಕ್, ಸಂತಾನಹರಣ ಶಸ್ತ್ರಚಿಕಿತ್ಸೆಗಳ ಬಗ್ಗೆ, ತಾತ್ಕಾಲಿಕ ವಿಧಾನಗಳಾದ ಅಂತರ ಲಸಿಕೆ, ಛಾಯಾ ಮಾತ್ರೆಗಳು, ನುಂಗುವ ಮಾತ್ರೆಗಳು, ಕಾಪರ
ಟಿ, ಸಿ ಸಿ, ಬಳಕೆ ಬಗ್ಗೆ ಮಾಹಿತಿ ನೀಡಿದರು ಇವುಗಳ ಅನುಸರಣೆಯಿಂದ ದಂಪತಿಗಳಿಗೆ ಆಗುವ ಸಮಾಜಿಕ್ಕೆ ಅನುಕೂಲಗಳ ಬಗ್ಗೆ ತಿಳಿಸಿದರು. ಮೊದಲ ಮಗು ಜನಿಸಿದ ಮೂರು ಅಥವಾ ನಾಲ್ಕು ವರ್ಷದನಂತರ ಇನ್ನೊಂದು ಮಗು ಪಡೆಯುವುದರಿಂದ ತಾಯಿಮರಣ, ಶಿಶು ಮರಣ ತಪ್ಪಿಸಬಹುದು ಇದರಿಂದ ತಾಯಿ ಮತ್ತು ಮಗುವಿನ ಆರೋಗ್ಯ ಕಾಳಜಿಗೆ ಸಹಕಾರಿ, ಪೌಷ್ಟಿಕ ಆರೋಗ್ಯವಂತ ಮಗು ಹೊಂದಲು ಸಹಕಾರಿಯಾಗುತ್ತದೆ ಎಂದು ಮಾಹಿತಿ ನೀಡಿದರು. ಈ ಸಂದರ್ಭದಲ್ಲಿ ಗ್ರಾಮದ ಹಿರಿಯರಾದ ಶರಣಪ್ಪ ಹಿರೇಗೌಡ್ರು, ರಾಮಣ್ಣ, ಶಿವಶರಣಪ್ಪ ಕೆ., ಹನುಮಂತಪ್ಪ, ತಾಯಂದಿರಾದ ಶಾರದಮ್ಮ, ಶಾಂತಮ್ಮ, ಪಾರ್ವತಮ್ಮ, ಭಾಗಮ್ಮ ಅಂಗನವಾಡಿ ಕಾರ್ಯಕರ್ತೆಯರಾದ ಶರಣಮ್ಮ, ವಿಜಯಲಕ್ಷ್ಮಿ, ಭಾಗ್ಯಶ್ರೀ ಆಶಾ ಕಾರ್ಯಕರ್ತೆಯರಾದ ವಿಜಯಲಕ್ಷ್ಮಿ, ತುಳಸಿ, ಗಿರಿಜಾ ಇನ್ನಿತರರು ಹಾಜರಿದ್ದರು.
ಪಟ್ಟಣದ ವಿಜಯ ವಿರಾಟ ಸೌಹಾರ್ದ ಸಹಕಾರಿ ಸಂಘ
9ನೇ ವರ್ಷಕ್ಕೆ ಪಾದಾರ್ಪಣೆ
ವಿಜಯ ವಿರಾಟ
ಬದಲಾವಣೆ ಸುದ್ದಿ
ಕಾರಟಗಿ: ಪಟ್ಟಣದ ವಿಜಯ ವಿರಾಟ ಸೌಹಾರ್ದ ಸಹಕಾರಿ ಸಂಘದ ಸ್ಥಾಪನೆಯಾಗಿ 8 ವರ್ಷ ಗತಿಸಿ ನವ, (9) ಸಂವತ್ಸರಕ್ಕೆ ಪಾದಾರ್ಪಣೆ ಮಾಡಿದ ಹಿನ್ನೆಲೆ ಶಾಖೆಯಲ್ಲಿ 9 ನೇಯ ವಾರ್ಷಿಕೋತ್ಸವ ಕಾರ್ಯಕ್ರಮ ಸಂಭ್ರಮ ಸಡಗರದಿಂದ ಆಚರಿಸಿದರು. ಬಳಿಕ ಸಹಕಾರಿಯ ಅಧ್ಯಕ್ಷ ಪಿ. ಅಂಬಣ್ಣ ಗೋರೇಬಾಳ.ಮಾತನಾಡಿದ ಅವರು ಶೋಷಿತ ವ್ಯಾಪಾರಿ ವರ್ಗಗಳ ಕಲ್ಯಾಣ ಮತ್ತು ಸಣ್ಣ ರೈತರಿಗೂ ಕೂಡ ಕಡಿಮೆ ದರದಲ್ಲಿ ಸಾಲ ನೀಡುವುದರ ಮೂಲಕ ಆರ್ಥಿಕ ಉತ್ತೇಜನ ನೀಡುತ್ತಿದ್ದೇವೆ. ನಮ್ಮ ಸಹಕಾರಿಯು ಶೋಷಿತ ವರ್ಗಗಳ ಅಭಿವೃದ್ಧಿ ಗೆ ಮಹತ್ವದ ಪಾತ್ರವಹಿಸುತ್ತಿದೆ ಸಣ್ಣಪುಟ್ಟ ವ್ಯಾಪಾರಸ್ಥರು ನಮ್ಮ ಸಹಕಾರಿಯೊಂದಿಗೆ ಉತ್ತಮ ವ್ಯವಹಾರ ಒಡನಾಟ ಹೊಂದಿದ್ದು ಸಾಮಾಜಿಕ ಕಾರ್ಯಗಳಿಗೆ ನಮ್ಮ ಸಹಕಾರಿಯೂ ಆರ್ಥಿಕ ಉತ್ತೇಜನ ನೀಡುತ್ತಿದೆ ಮತ್ತು ಭವಿಷ್ಯತ್ತಿನಲ್ಲಿಯೂ ಕೂಡ ಉತ್ತಮ ಗ್ರಾಹಕ ಸ್ನೇಹಿ ಸಹಕಾರಿಯಾಗಿದೆ ಅಭಿವೃದ್ಧಿ ಗಳಿಗೆ ಕಡಿಮೆ ಬಡ್ಡಿ ದರದಲ್ಲಿ ಆರ್ಥಿಕವಾಗಿ ಉತ್ತೇಜನ ನೀಡುತ್ತಿದ್ದಾರೆ ಶಿಕ್ಷಣ ಮತ್ತು ಸಾಮಾಜಿಕ ಕಾರ್ಯಗಳಿಗೆ ನಮ್ಮ ಸಹಕಾರಿಯ ಧನ ಪ್ರೋತ್ಸಾಹ ನೀಡುತ್ತಿದ್ದು ಇದು ಭವಿಷ್ಯತ್ತಿನಲ್ಲಿ ಮುಂದುವರೆಯಲಿದೆ ಎಂದು ತಿಳಿಸಿದರು.
ಮತ್ತೋರ್ವ ನಿರ್ದೇಶಕರಾದ ಪರಮೇಶ್ವರಪ್ಪ ವಿ.ಬಿ. ಮಾತನಾಡಿ ಕಾರಟಗಿ ನಗರವು ಅತ್ಯಂತ ವೇಗವಾಗಿ ಬೆಳೆಯುತ್ತಿದ್ದು ಬಹು ಸಂಖ್ಯಾತ ಮಧ್ಯಮ ವರ್ಗದ ವ್ಯಾಪಾರಸ್ಥರಿಗೆ ನಾವು ಕಡಿಮೆ ಬಡ್ಡಿ ದರದಲ್ಲಿ ಆರ್ಥಿಕ ಉತ್ತೇಜನ ನೀಡುತ್ತಿದ್ದೇವೆ ಇದಕ್ಕೆ ಅನುಗುಣವಾಗಿ ಉತ್ತಮ ಒಡನಾಟ ವ್ಯಾಪಾರಸ್ಥರು ಕೂಡ ನಮಗೆ ಸಕ್ರಿಯವಾಗಿ ಬೆಂಬಲವನ್ನು ನೀಡುತ್ತಿದ್ದಾರೆ ನಮ್ಮ ಉತ್ತಮ ಮುದ್ರಾ ಸೇವೆಯನ್ನು ಇಷ್ಟರವರೆಗೆ ವಿಶೇಷ ರೀತಿಯಲ್ಲಿ ಅನುಗುಣವಾಗಿ ಬಡ್ಡಿಯನ್ನು ನೀಡುತ್ತಿದ್ದೇವೆ ಗ್ರಾಹಕರ ಸೌಲಭ್ಯಕ್ಕೆ ನಮ್ಮ ಸಹಕಾರಿಯ ಪಾತ್ರ ಅತ್ಯಂತ ಸೌಹಾರ್ದತ ಸೇವೆಯಿಂದ ಒಡನಾಟವನ್ನು ಹೊಂದುತ್ತಿದ್ದೇವೆ. ಎಂದು ತಿಳಿಸಿದರು. ಇದೇ ಸಂದರ್ಭದಲ್ಲಿ ಸಹಕಾರಿಯ ಉಪಾಧ್ಯಕ್ಷ ಶ್ರೀ ಟೀ ಅಯ್ಯಪ್ಪನವರು. ಮತ್ತು ನಿರ್ದೇಶಕ ಡಾ ವೀರೇಶ್ ಅಂಗಡಿ, ಗೋರೆಬಾಳ್ ಪರಮೇಶ್ವರಪ್ಪ, ವಿ.ಬಿ. ವಿನಯ್ ಕುಮಾರ್ ಬಡಿಗೇರ್, ಆವರು ಶೇಖರಪ್ಪ ತಾಳಿಕೋಟಿ. ಮಹೇಶ್ ತಿಡಿಗೋಳ ದೇವರಾಜ್. ವೀರೇಶ್ ಕುಮಾರ್ ಬಡಿಗೇರ್. ಮುಖ್ಯ ಕಾರ್ಯ ನಿರ್ವಾಹಕ ಅಧಿಕಾರಿ. ಟಿ.ವೀರೇಶ್ ಕುಮಾರ್. ವೀರೇಂದ್ರ ಬಡಿಗೇರ್. ನಗದು ಗುಮಾಸ್ತರಾದ ವೀರೇಶ್ ಕೋಟ್ಯಾಳ್. ಮನೋಜ್ ಕುಮಾರ್ ಎಸಿ ವೀರಭದ್ರಯ್ಯ ಕೆನ್ನೂರ್ ವೀರಭದ್ರ ಇತರರು ಉಪಸ್ಥಿತರಿದ್ದರು.
